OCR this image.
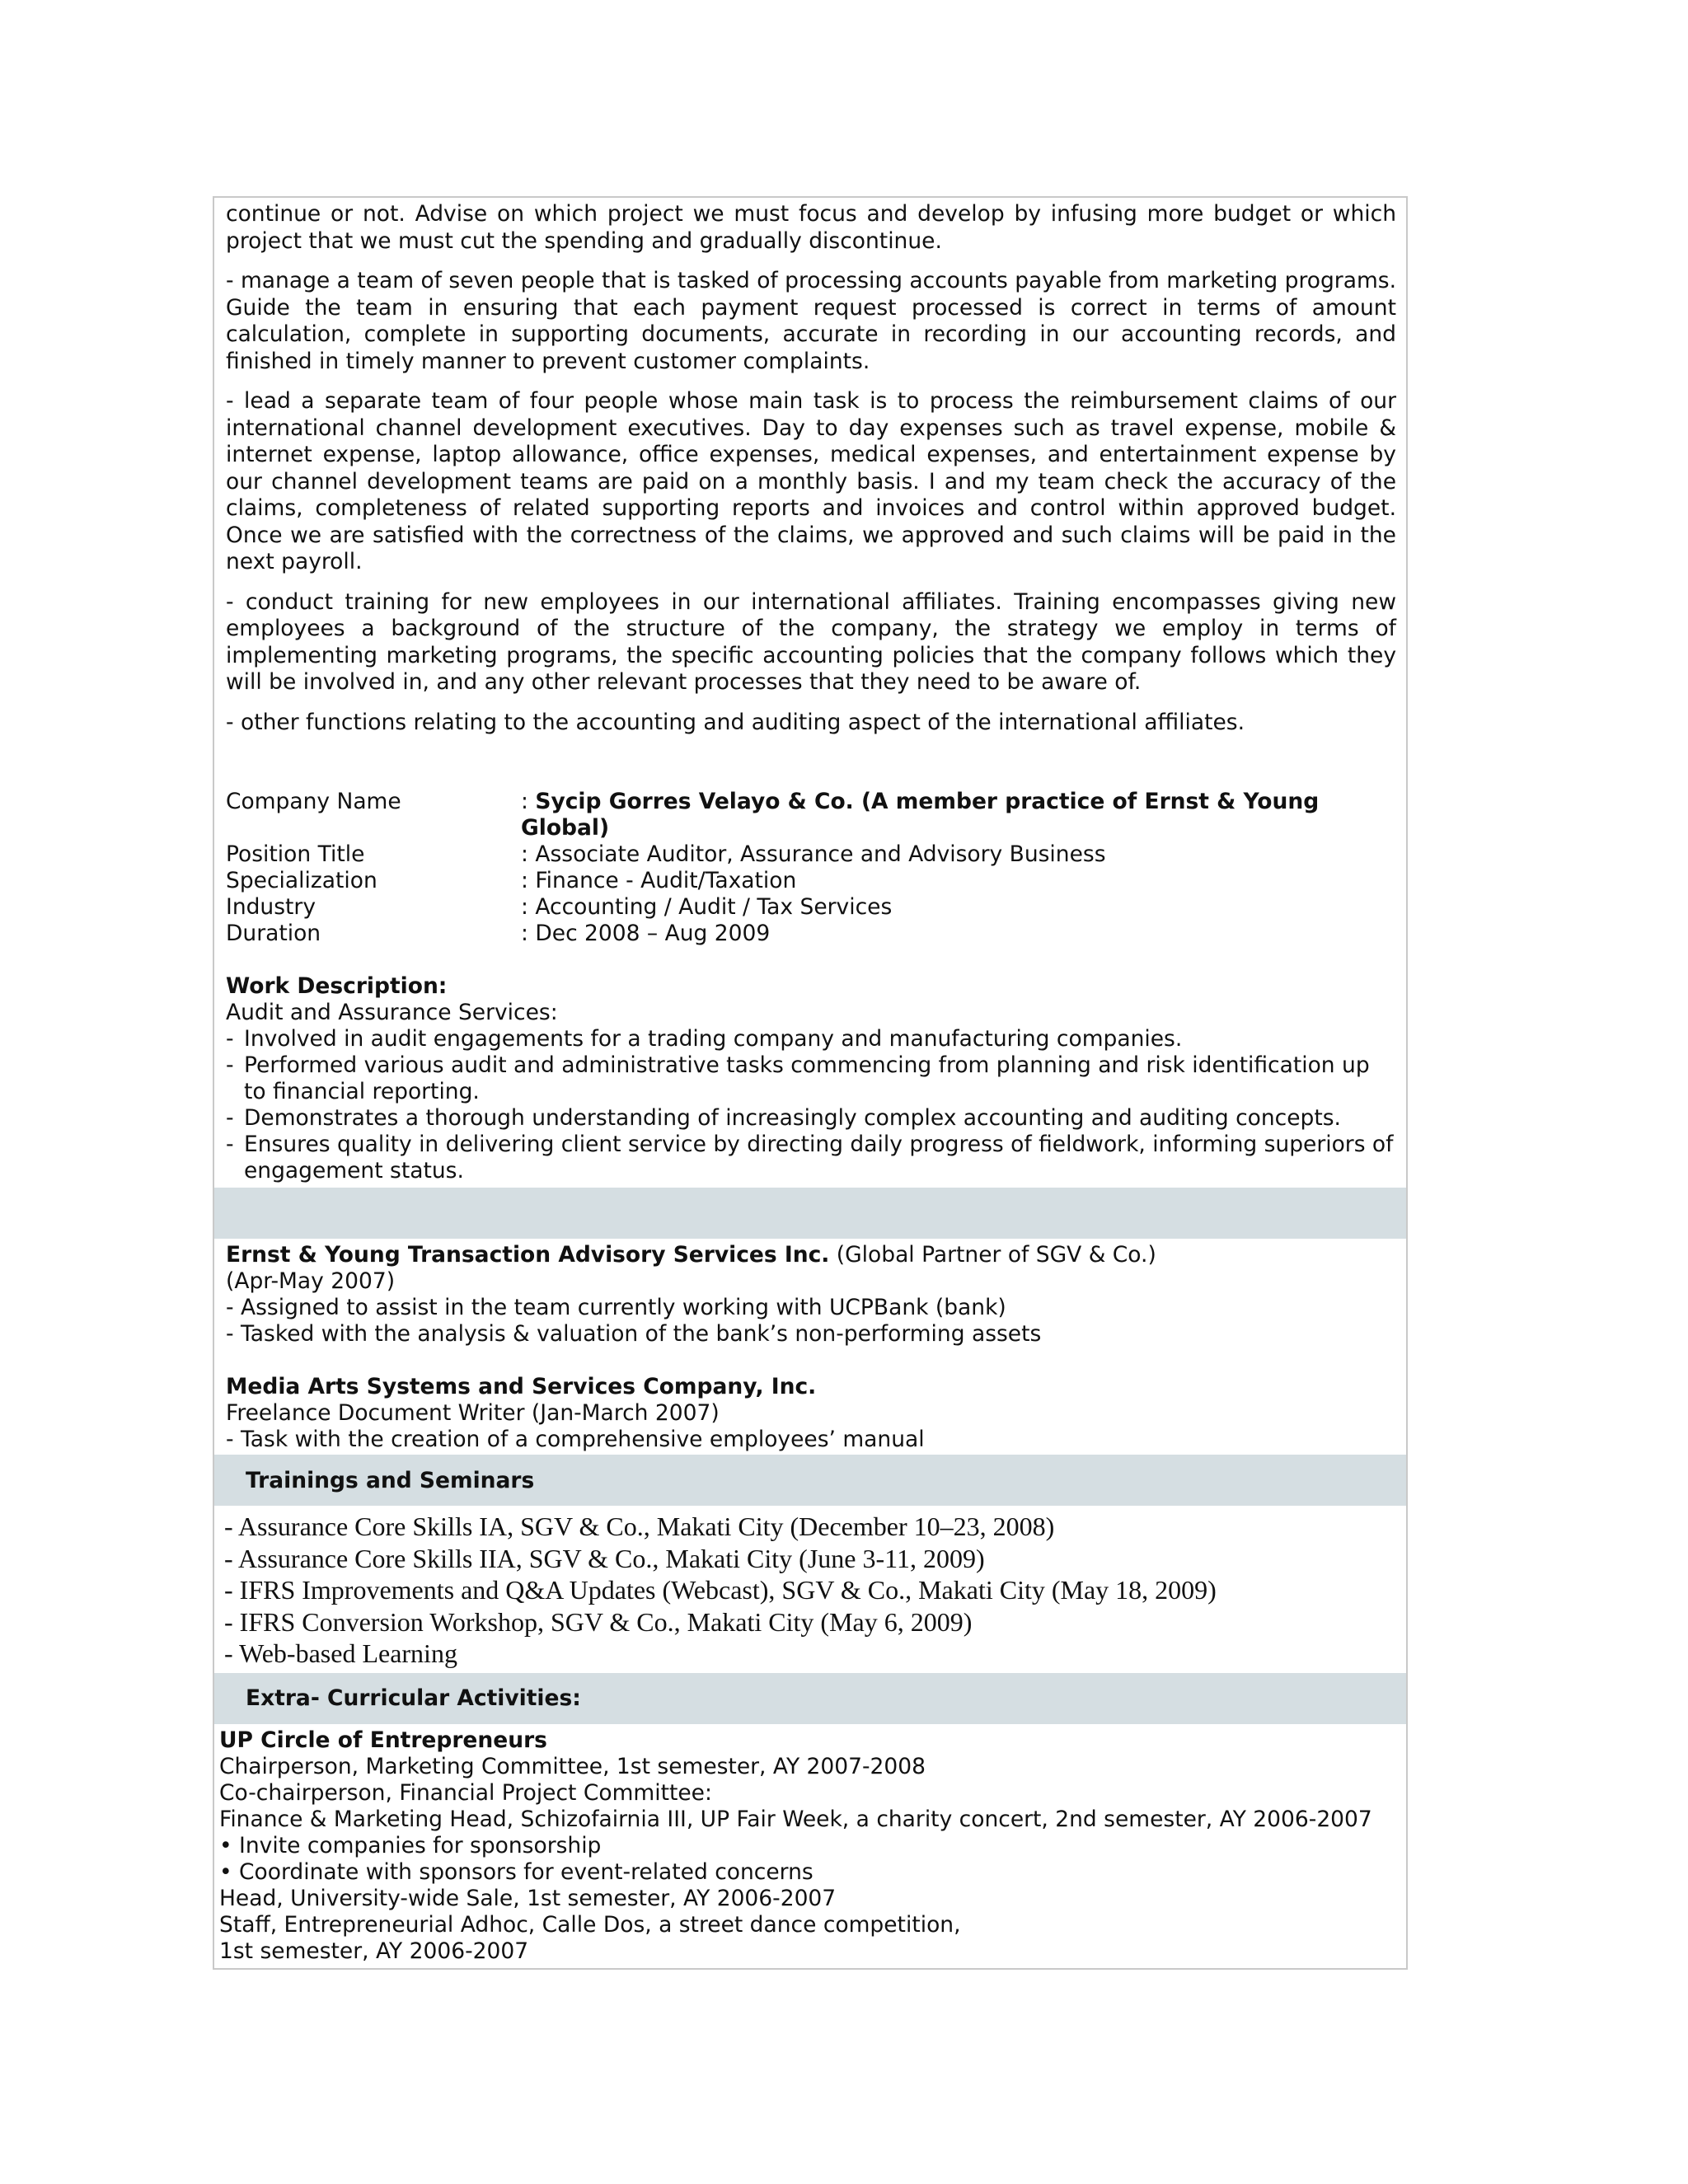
continue or not. Advise on which project we must focus and develop by infusing more budget or which project that we must cut the spending and gradually discontinue.

- manage a team of seven people that is tasked of processing accounts payable from marketing programs. Guide the team in ensuring that each payment request processed is correct in terms of amount calculation, complete in supporting documents, accurate in recording in our accounting records, and finished in timely manner to prevent customer complaints.

- lead a separate team of four people whose main task is to process the reimbursement claims of our international channel development executives. Day to day expenses such as travel expense, mobile & internet expense, laptop allowance, office expenses, medical expenses, and entertainment expense by our channel development teams are paid on a monthly basis. I and my team check the accuracy of the claims, completeness of related supporting reports and invoices and control within approved budget. Once we are satisfied with the correctness of the claims, we approved and such claims will be paid in the next payroll.

- conduct training for new employees in our international affiliates. Training encompasses giving new employees a background of the structure of the company, the strategy we employ in terms of implementing marketing programs, the specific accounting policies that the company follows which they will be involved in, and any other relevant processes that they need to be aware of.

- other functions relating to the accounting and auditing aspect of the international affiliates.

Company Name	: Sycip Gorres Velayo & Co. (A member practice of Ernst & Young Global)
Position Title	: Associate Auditor, Assurance and Advisory Business
Specialization	: Finance - Audit/Taxation
Industry	: Accounting / Audit / Tax Services
Duration	: Dec 2008 – Aug 2009
Work Description:
Audit and Assurance Services:
- Involved in audit engagements for a trading company and manufacturing companies.
- Performed various audit and administrative tasks commencing from planning and risk identification up to financial reporting.
- Demonstrates a thorough understanding of increasingly complex accounting and auditing concepts.
- Ensures quality in delivering client service by directing daily progress of fieldwork, informing superiors of engagement status.
Ernst & Young Transaction Advisory Services Inc. (Global Partner of SGV & Co.)
(Apr-May 2007)
- Assigned to assist in the team currently working with UCPBank (bank)
- Tasked with the analysis & valuation of the bank’s non-performing assets
Media Arts Systems and Services Company, Inc.
Freelance Document Writer (Jan-March 2007)
- Task with the creation of a comprehensive employees’ manual
Trainings and Seminars
- Assurance Core Skills IA, SGV & Co., Makati City (December 10–23, 2008)
- Assurance Core Skills IIA, SGV & Co., Makati City (June 3-11, 2009)
- IFRS Improvements and Q&A Updates (Webcast), SGV & Co., Makati City (May 18, 2009)
- IFRS Conversion Workshop, SGV & Co., Makati City (May 6, 2009)
- Web-based Learning
Extra- Curricular Activities:
UP Circle of Entrepreneurs
Chairperson, Marketing Committee, 1st semester, AY 2007-2008
Co-chairperson, Financial Project Committee:
Finance & Marketing Head, Schizofairnia III, UP Fair Week, a charity concert, 2nd semester, AY 2006-2007
• Invite companies for sponsorship
• Coordinate with sponsors for event-related concerns
Head, University-wide Sale, 1st semester, AY 2006-2007
Staff, Entrepreneurial Adhoc, Calle Dos, a street dance competition,
1st semester, AY 2006-2007
